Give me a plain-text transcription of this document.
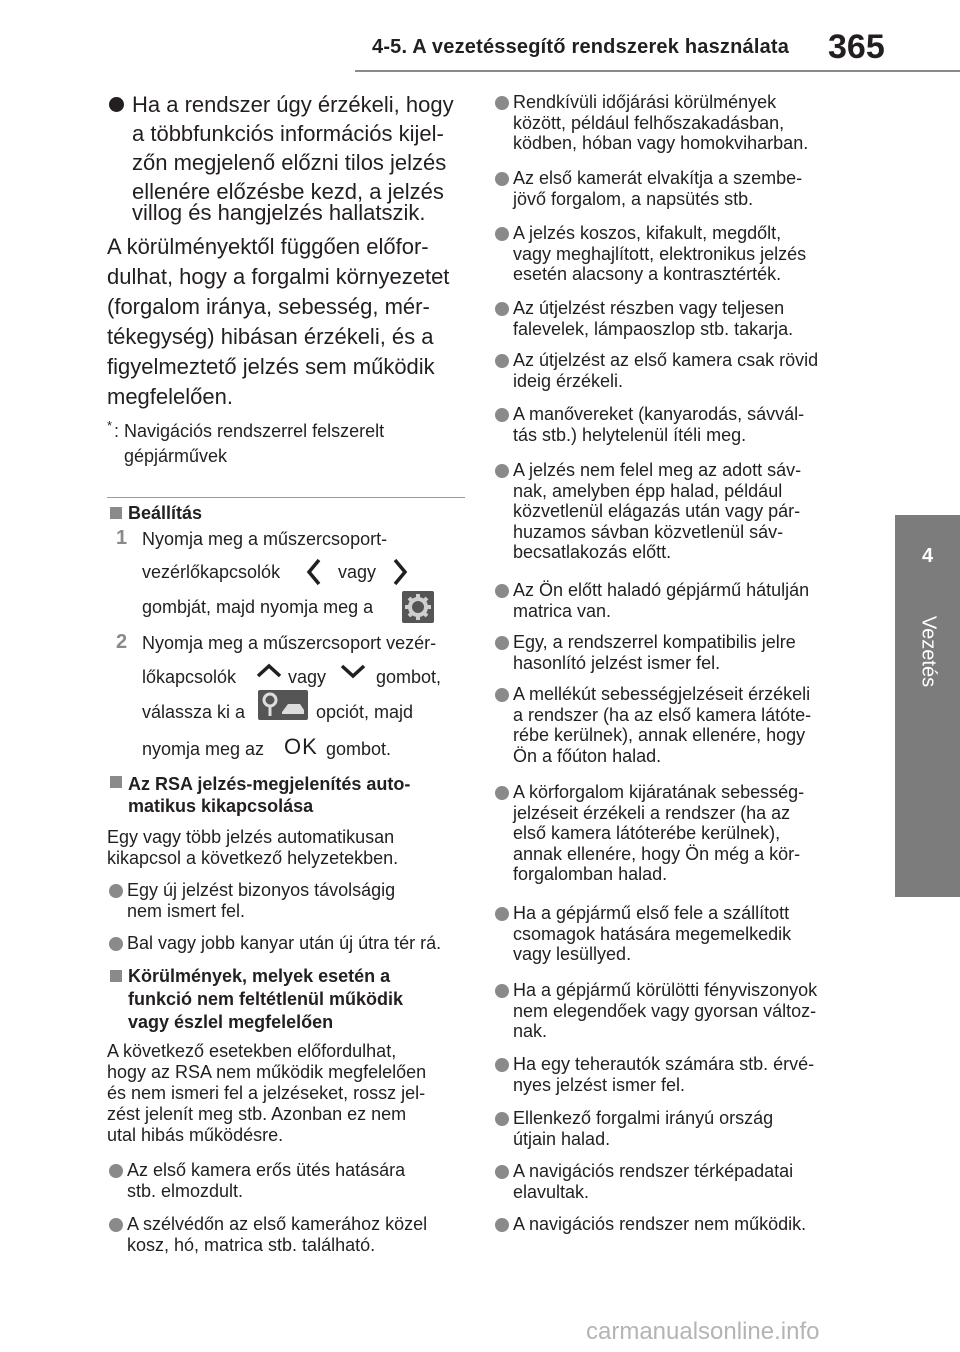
4-5. A vezetéssegítő rendszerek használata 365
4
Vezetés
Ha a rendszer úgy érzékeli, hogy
a többfunkciós információs kijel-
zőn megjelenő előzni tilos jelzés
ellenére előzésbe kezd, a jelzés
villog és hangjelzés hallatszik.
A körülményektől függően előfor-
dulhat, hogy a forgalmi környezetet
(forgalom iránya, sebesség, mér-
tékegység) hibásan érzékeli, és a
figyelmeztető jelzés sem működik
megfelelően.
* : Navigációs rendszerrel felszerelt
gépjárművek
Beállítás
1 Nyomja meg a műszercsoport-
vezérlőkapcsolók	vagy
gombját, majd nyomja meg a
2 Nyomja meg a műszercsoport vezér-
lőkapcsolók	vagy	gombot,
válassza ki a	opciót, majd
nyomja meg az OK gombot.
Az RSA jelzés-megjelenítés auto-
matikus kikapcsolása
Egy vagy több jelzés automatikusan
kikapcsol a következő helyzetekben.
Egy új jelzést bizonyos távolságig
nem ismert fel.
Bal vagy jobb kanyar után új útra tér rá.
Körülmények, melyek esetén a
funkció nem feltétlenül működik
vagy észlel megfelelően
A következő esetekben előfordulhat,
hogy az RSA nem működik megfelelően
és nem ismeri fel a jelzéseket, rossz jel-
zést jelenít meg stb. Azonban ez nem
utal hibás működésre.
Az első kamera erős ütés hatására
stb. elmozdult.
A szélvédőn az első kamerához közel
kosz, hó, matrica stb. található.
Rendkívüli időjárási körülmények
között, például felhőszakadásban,
ködben, hóban vagy homokviharban.
Az első kamerát elvakítja a szembe-
jövő forgalom, a napsütés stb.
A jelzés koszos, kifakult, megdőlt,
vagy meghajlított, elektronikus jelzés
esetén alacsony a kontrasztérték.
Az útjelzést részben vagy teljesen
falevelek, lámpaoszlop stb. takarja.
Az útjelzést az első kamera csak rövid
ideig érzékeli.
A manővereket (kanyarodás, sávvál-
tás stb.) helytelenül ítéli meg.
A jelzés nem felel meg az adott sáv-
nak, amelyben épp halad, például
közvetlenül elágazás után vagy pár-
huzamos sávban közvetlenül sáv-
becsatlakozás előtt.
Az Ön előtt haladó gépjármű hátulján
matrica van.
Egy, a rendszerrel kompatibilis jelre
hasonlító jelzést ismer fel.
A mellékút sebességjelzéseit érzékeli
a rendszer (ha az első kamera látóte-
rébe kerülnek), annak ellenére, hogy
Ön a főúton halad.
A körforgalom kijáratának sebesség-
jelzéseit érzékeli a rendszer (ha az
első kamera látóterébe kerülnek),
annak ellenére, hogy Ön még a kör-
forgalomban halad.
Ha a gépjármű első fele a szállított
csomagok hatására megemelkedik
vagy lesüllyed.
Ha a gépjármű körülötti fényviszonyok
nem elegendőek vagy gyorsan változ-
nak.
Ha egy teherautók számára stb. érvé-
nyes jelzést ismer fel.
Ellenkező forgalmi irányú ország
útjain halad.
A navigációs rendszer térképadatai
elavultak.
A navigációs rendszer nem működik.
carmanualsonline.info
